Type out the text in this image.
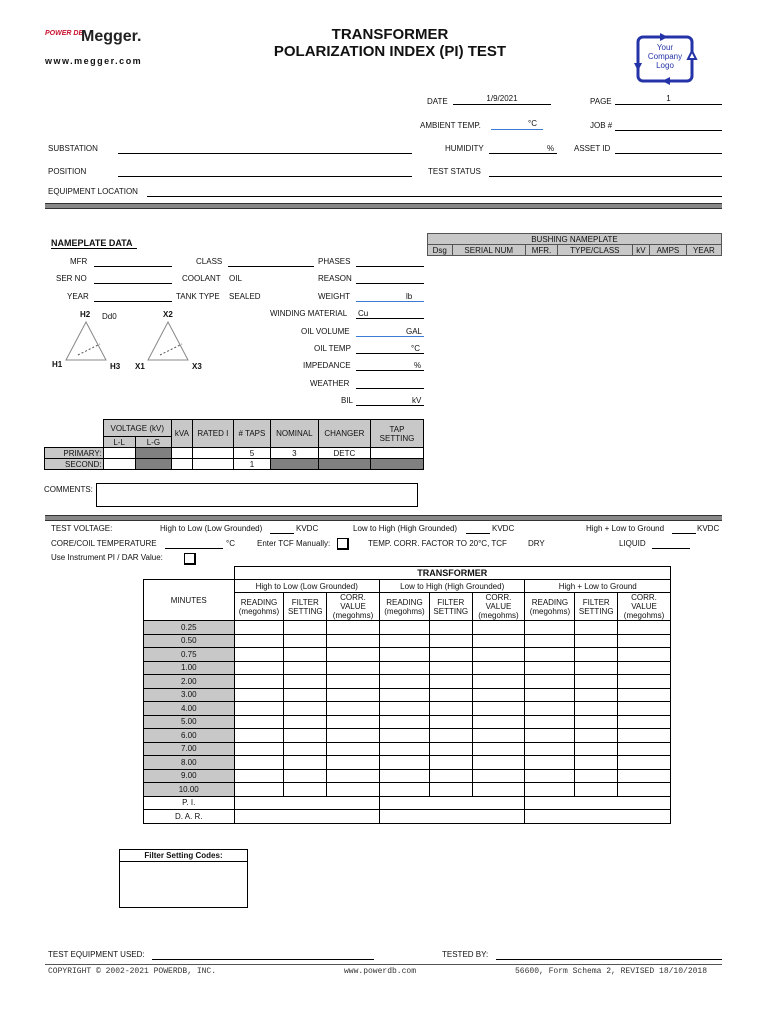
POWER DB
Megger.
www.megger.com
TRANSFORMER
POLARIZATION INDEX (PI) TEST	Your Company Logo
DATE	1/9/2021	PAGE	1
AMBIENT TEMP.	°C	JOB #
SUBSTATION	HUMIDITY	% ASSET ID
POSITION	TEST STATUS
EQUIPMENT LOCATION
NAMEPLATE DATA
MFR	CLASS	PHASES
SER NO	COOLANT OIL	REASON
YEAR	TANK TYPE SEALED	WEIGHT	lb
WINDING MATERIAL Cu
OIL VOLUME	GAL
OIL TEMP	°C
IMPEDANCE	%
WEATHER
BIL	kV
H2 Dd0	X2
H1	H3 X1	X3
BUSHING NAMEPLATE
Dsg	SERIAL NUM	MFR.	TYPE/CLASS	kV	AMPS	YEAR
	VOLTAGE (kV)		kVA	RATED I	# TAPS	NOMINAL	CHANGER	TAP SETTING
	L-L	L-G						
PRIMARY:					5	3	DETC	
SECOND:					1			
COMMENTS:
TEST VOLTAGE:	High to Low (Low Grounded)	KVDC	Low to High (High Grounded)	KVDC	High + Low to Ground	KVDC
CORE/COIL TEMPERATURE	°C	Enter TCF Manually:	TEMP. CORR. FACTOR TO 20°C, TCF	DRY	LIQUID
Use Instrument PI / DAR Value:
	TRANSFORMER								
MINUTES	High to Low (Low Grounded)			Low to High (High Grounded)			High + Low to Ground		
	READING (megohms)	FILTER SETTING	CORR. VALUE (megohms)	READING (megohms)	FILTER SETTING	CORR. VALUE (megohms)	READING (megohms)	FILTER SETTING	CORR. VALUE (megohms)
0.25									
0.50									
0.75									
1.00									
2.00									
3.00									
4.00									
5.00									
6.00									
7.00									
8.00									
9.00									
10.00									
P. I.									
D. A. R.									
Filter Setting Codes:
TEST EQUIPMENT USED:	TESTED BY:
COPYRIGHT © 2002-2021 POWERDB, INC.	www.powerdb.com	56600, Form Schema 2, REVISED 18/10/2018
